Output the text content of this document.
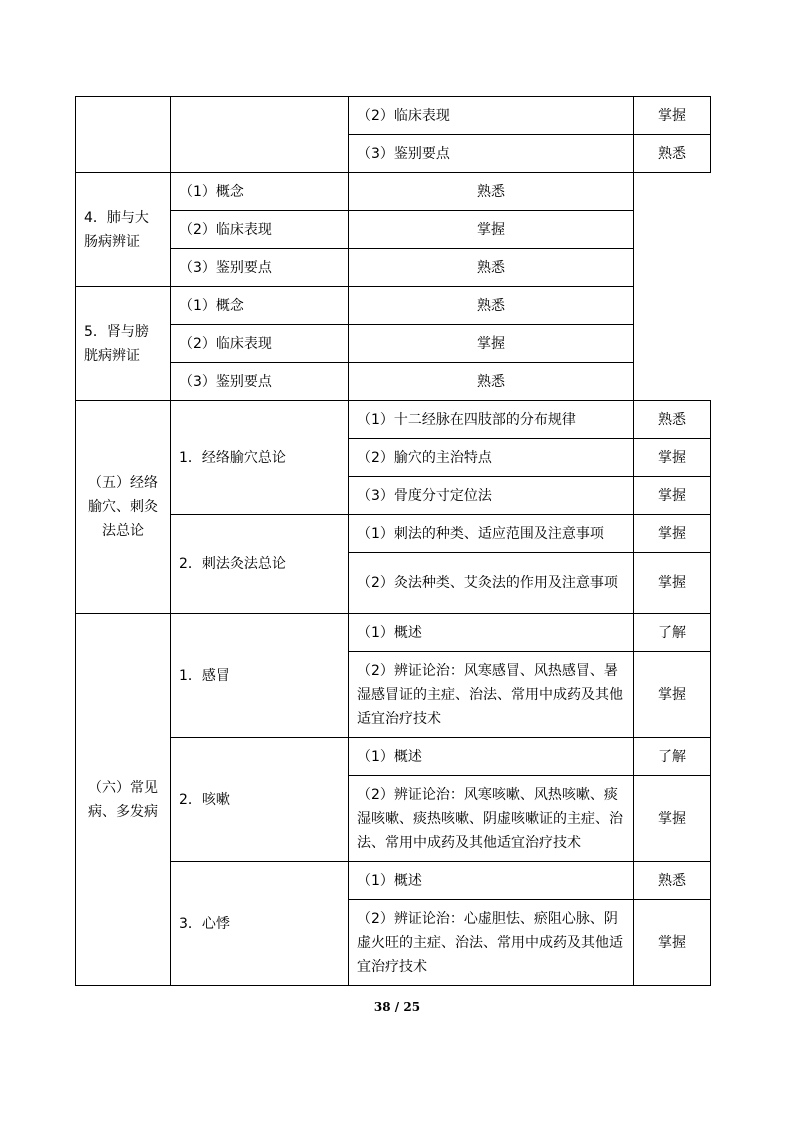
		（2）临床表现	掌握
		（3）鉴别要点	熟悉
4．肺与大肠病辨证	（1）概念	熟悉	
	（2）临床表现	掌握	
	（3）鉴别要点	熟悉	
5．肾与膀胱病辨证	（1）概念	熟悉	
	（2）临床表现	掌握	
	（3）鉴别要点	熟悉	
（五）经络腧穴、刺灸法总论	1．经络腧穴总论	（1）十二经脉在四肢部的分布规律	熟悉
		（2）腧穴的主治特点	掌握
		（3）骨度分寸定位法	掌握
	2．刺法灸法总论	（1）刺法的种类、适应范围及注意事项	掌握
		（2）灸法种类、艾灸法的作用及注意事项	掌握
（六）常见病、多发病	1．感冒	（1）概述	了解
		（2）辨证论治：风寒感冒、风热感冒、暑湿感冒证的主症、治法、常用中成药及其他适宜治疗技术	掌握
	2．咳嗽	（1）概述	了解
		（2）辨证论治：风寒咳嗽、风热咳嗽、痰湿咳嗽、痰热咳嗽、阴虚咳嗽证的主症、治法、常用中成药及其他适宜治疗技术	掌握
	3．心悸	（1）概述	熟悉
		（2）辨证论治：心虚胆怯、瘀阻心脉、阴虚火旺的主症、治法、常用中成药及其他适宜治疗技术	掌握
38 / 25
